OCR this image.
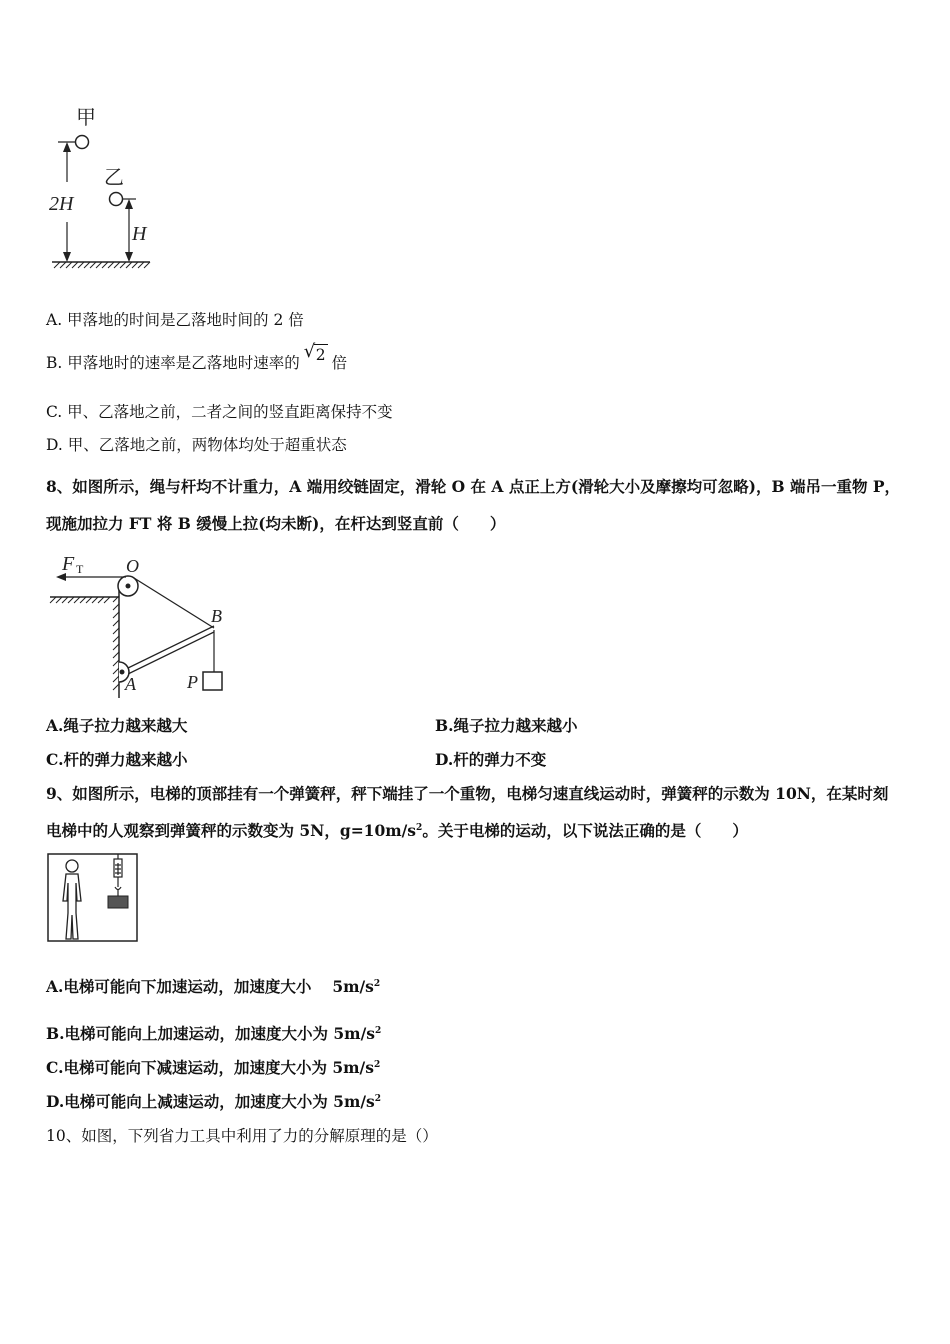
甲
乙
2H
H
A. 甲落地的时间是乙落地时间的 2 倍
B. 甲落地时的速率是乙落地时速率的
√ 2 倍
C. 甲、乙落地之前，二者之间的竖直距离保持不变
D. 甲、乙落地之前，两物体均处于超重状态
8、如图所示，绳与杆均不计重力，A 端用绞链固定，滑轮 O 在 A 点正上方(滑轮大小及摩擦均可忽略)，B 端吊一重物 P，
现施加拉力 FT 将 B 缓慢上拉(均未断)，在杆达到竖直前（　　）
F T O
B
A	P
A.绳子拉力越来越大	B.绳子拉力越来越小
C.杆的弹力越来越小	D.杆的弹力不变
9、如图所示，电梯的顶部挂有一个弹簧秤，秤下端挂了一个重物，电梯匀速直线运动时，弹簧秤的示数为 10N，在某时刻
电梯中的人观察到弹簧秤的示数变为 5N，$g=10m/s^2$。关于电梯的运动，以下说法正确的是（　　）
A.电梯可能向下加速运动，加速度大小　 $5m/s^2$
B.电梯可能向上加速运动，加速度大小为 $5m/s^2$
C.电梯可能向下减速运动，加速度大小为 $5m/s^2$
D.电梯可能向上减速运动，加速度大小为 $5m/s^2$
10、如图，下列省力工具中利用了力的分解原理的是（）
